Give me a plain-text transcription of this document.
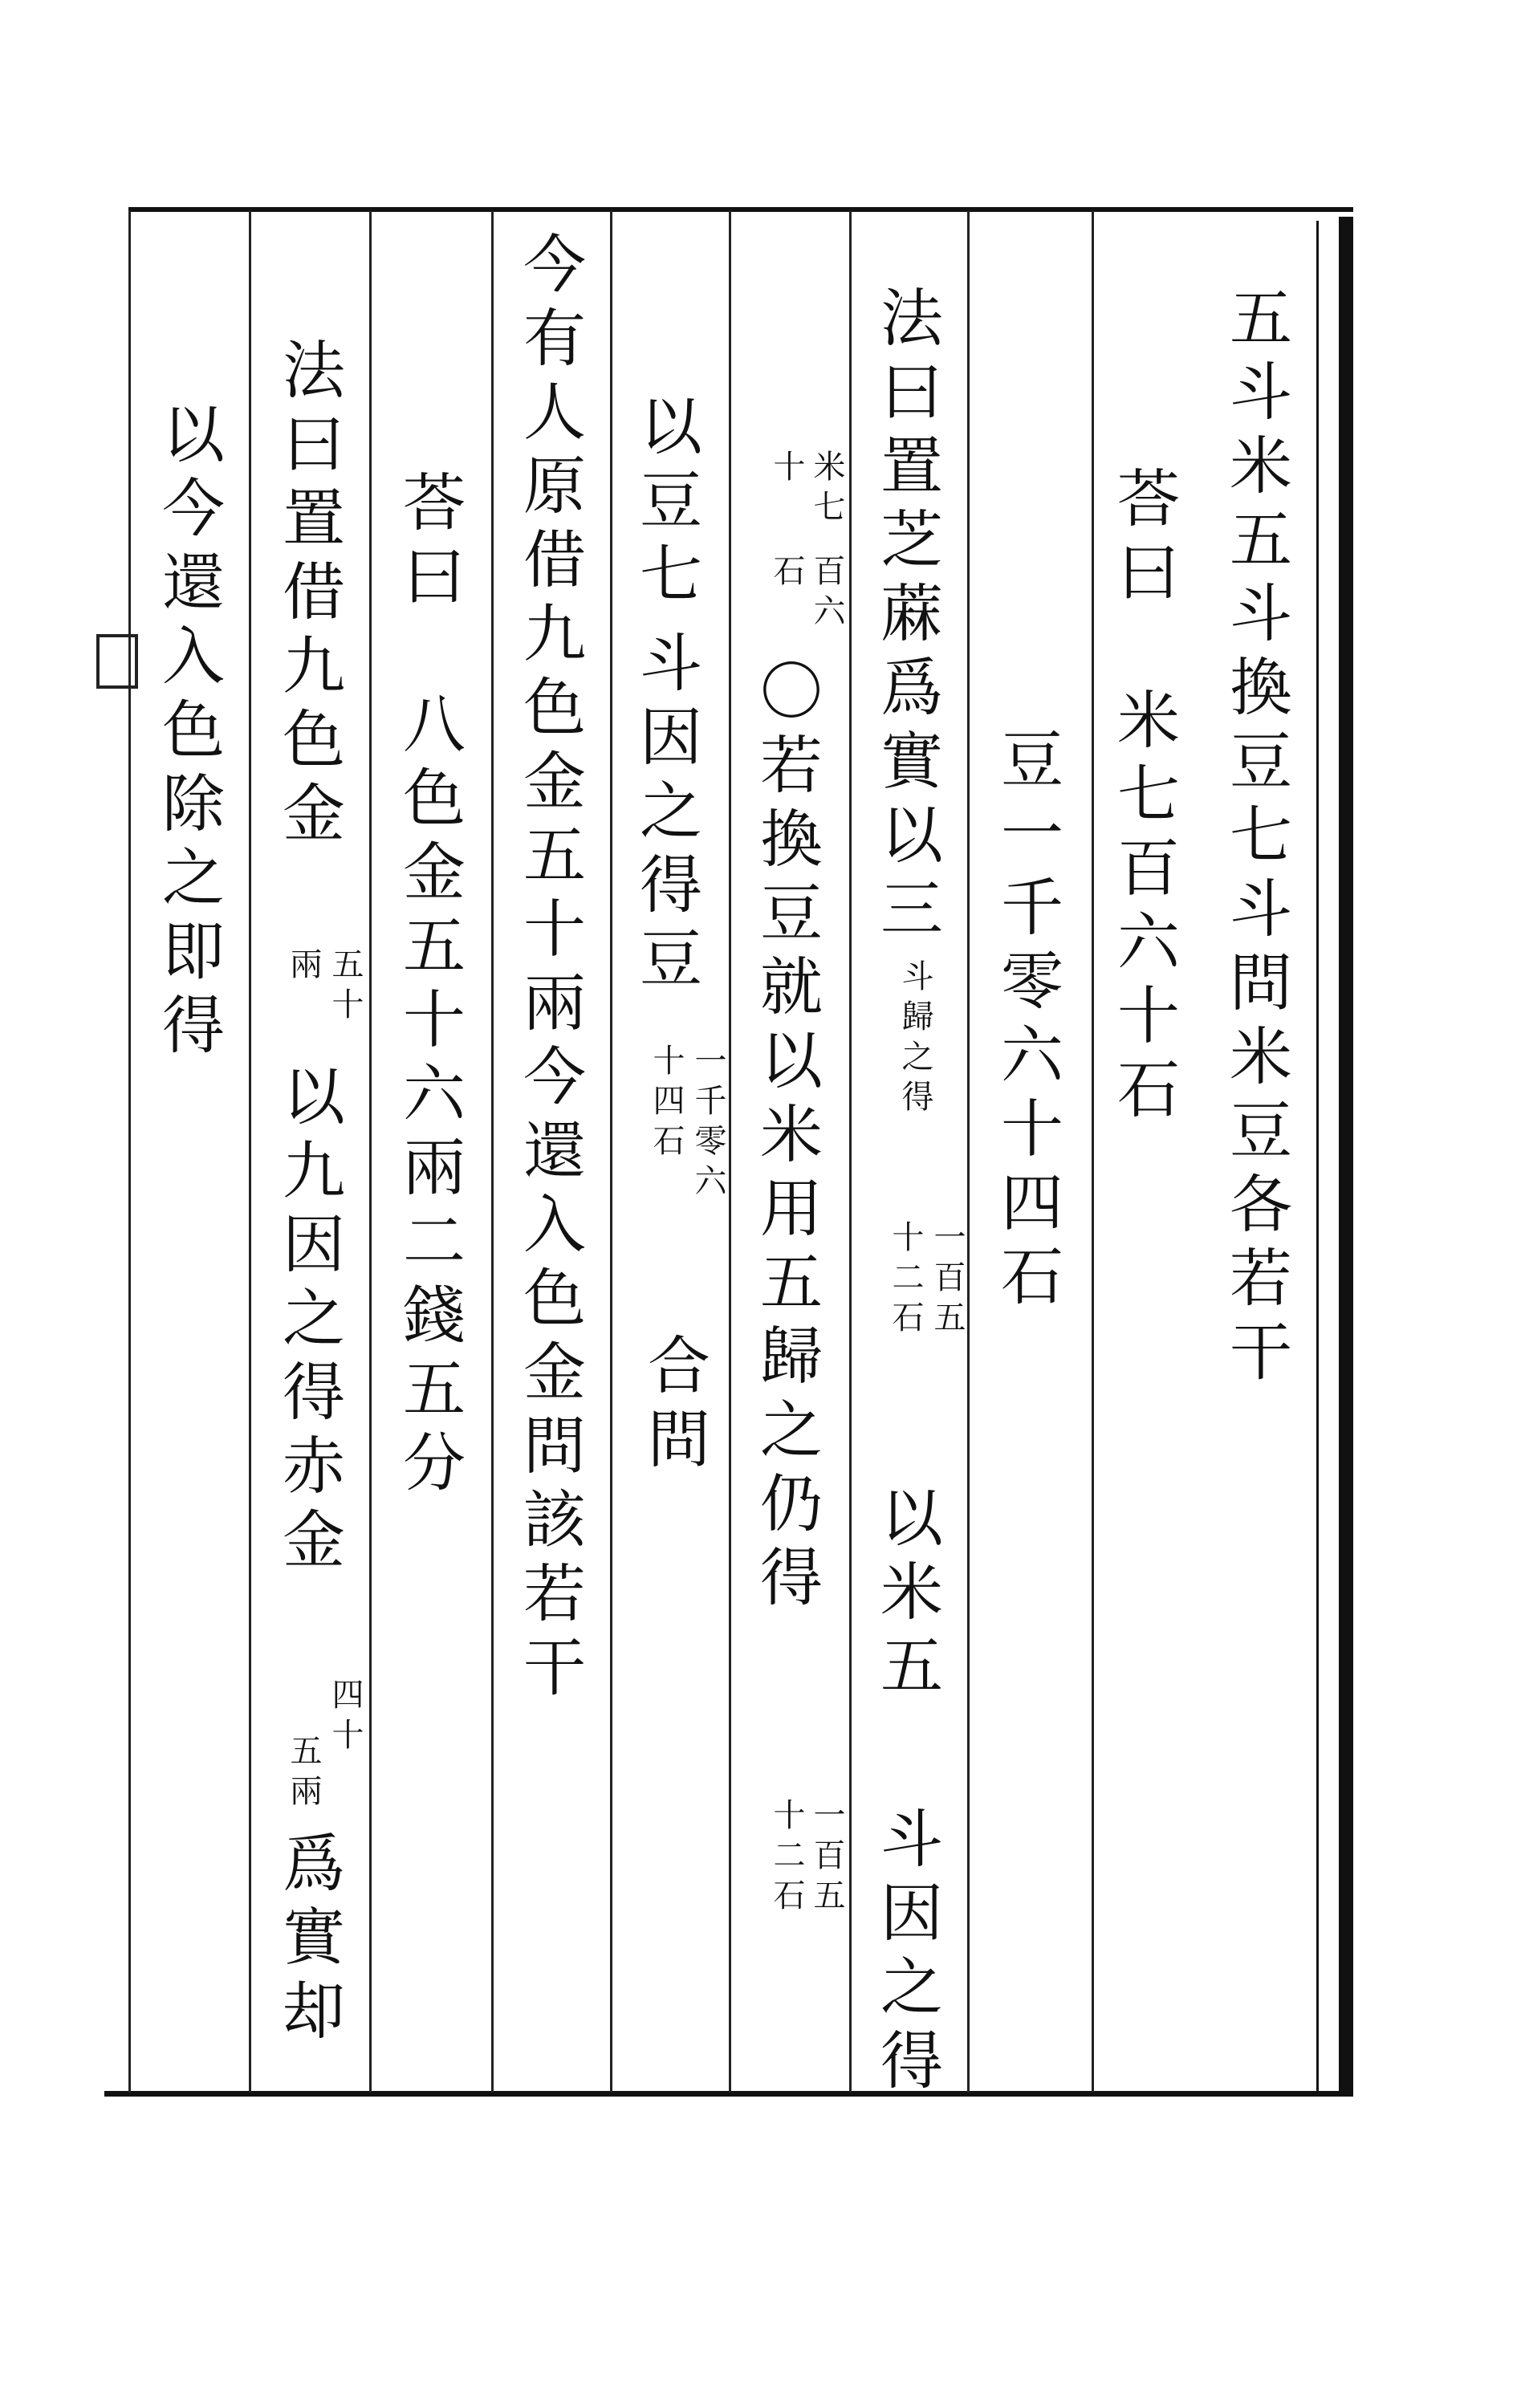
五斗米五斗換豆七斗問米豆各若干
荅曰　米七百六十石
豆一千零六十四石
法曰置芝蔴爲實以三
斗歸之得
一百五
十二石
以米五
斗因之得
米七
十
百六
石
〇若換豆就以米用五歸之仍得
一百五
十二石
以豆七
斗因之得豆
一千零六
十四石
合問
今有人原借九色金五十兩今還入色金問該若干
荅曰　八色金五十六兩二錢五分
法曰置借九色金
五十
兩
以九因之得赤金
四十
五兩
爲實却
以今還入色除之即得
